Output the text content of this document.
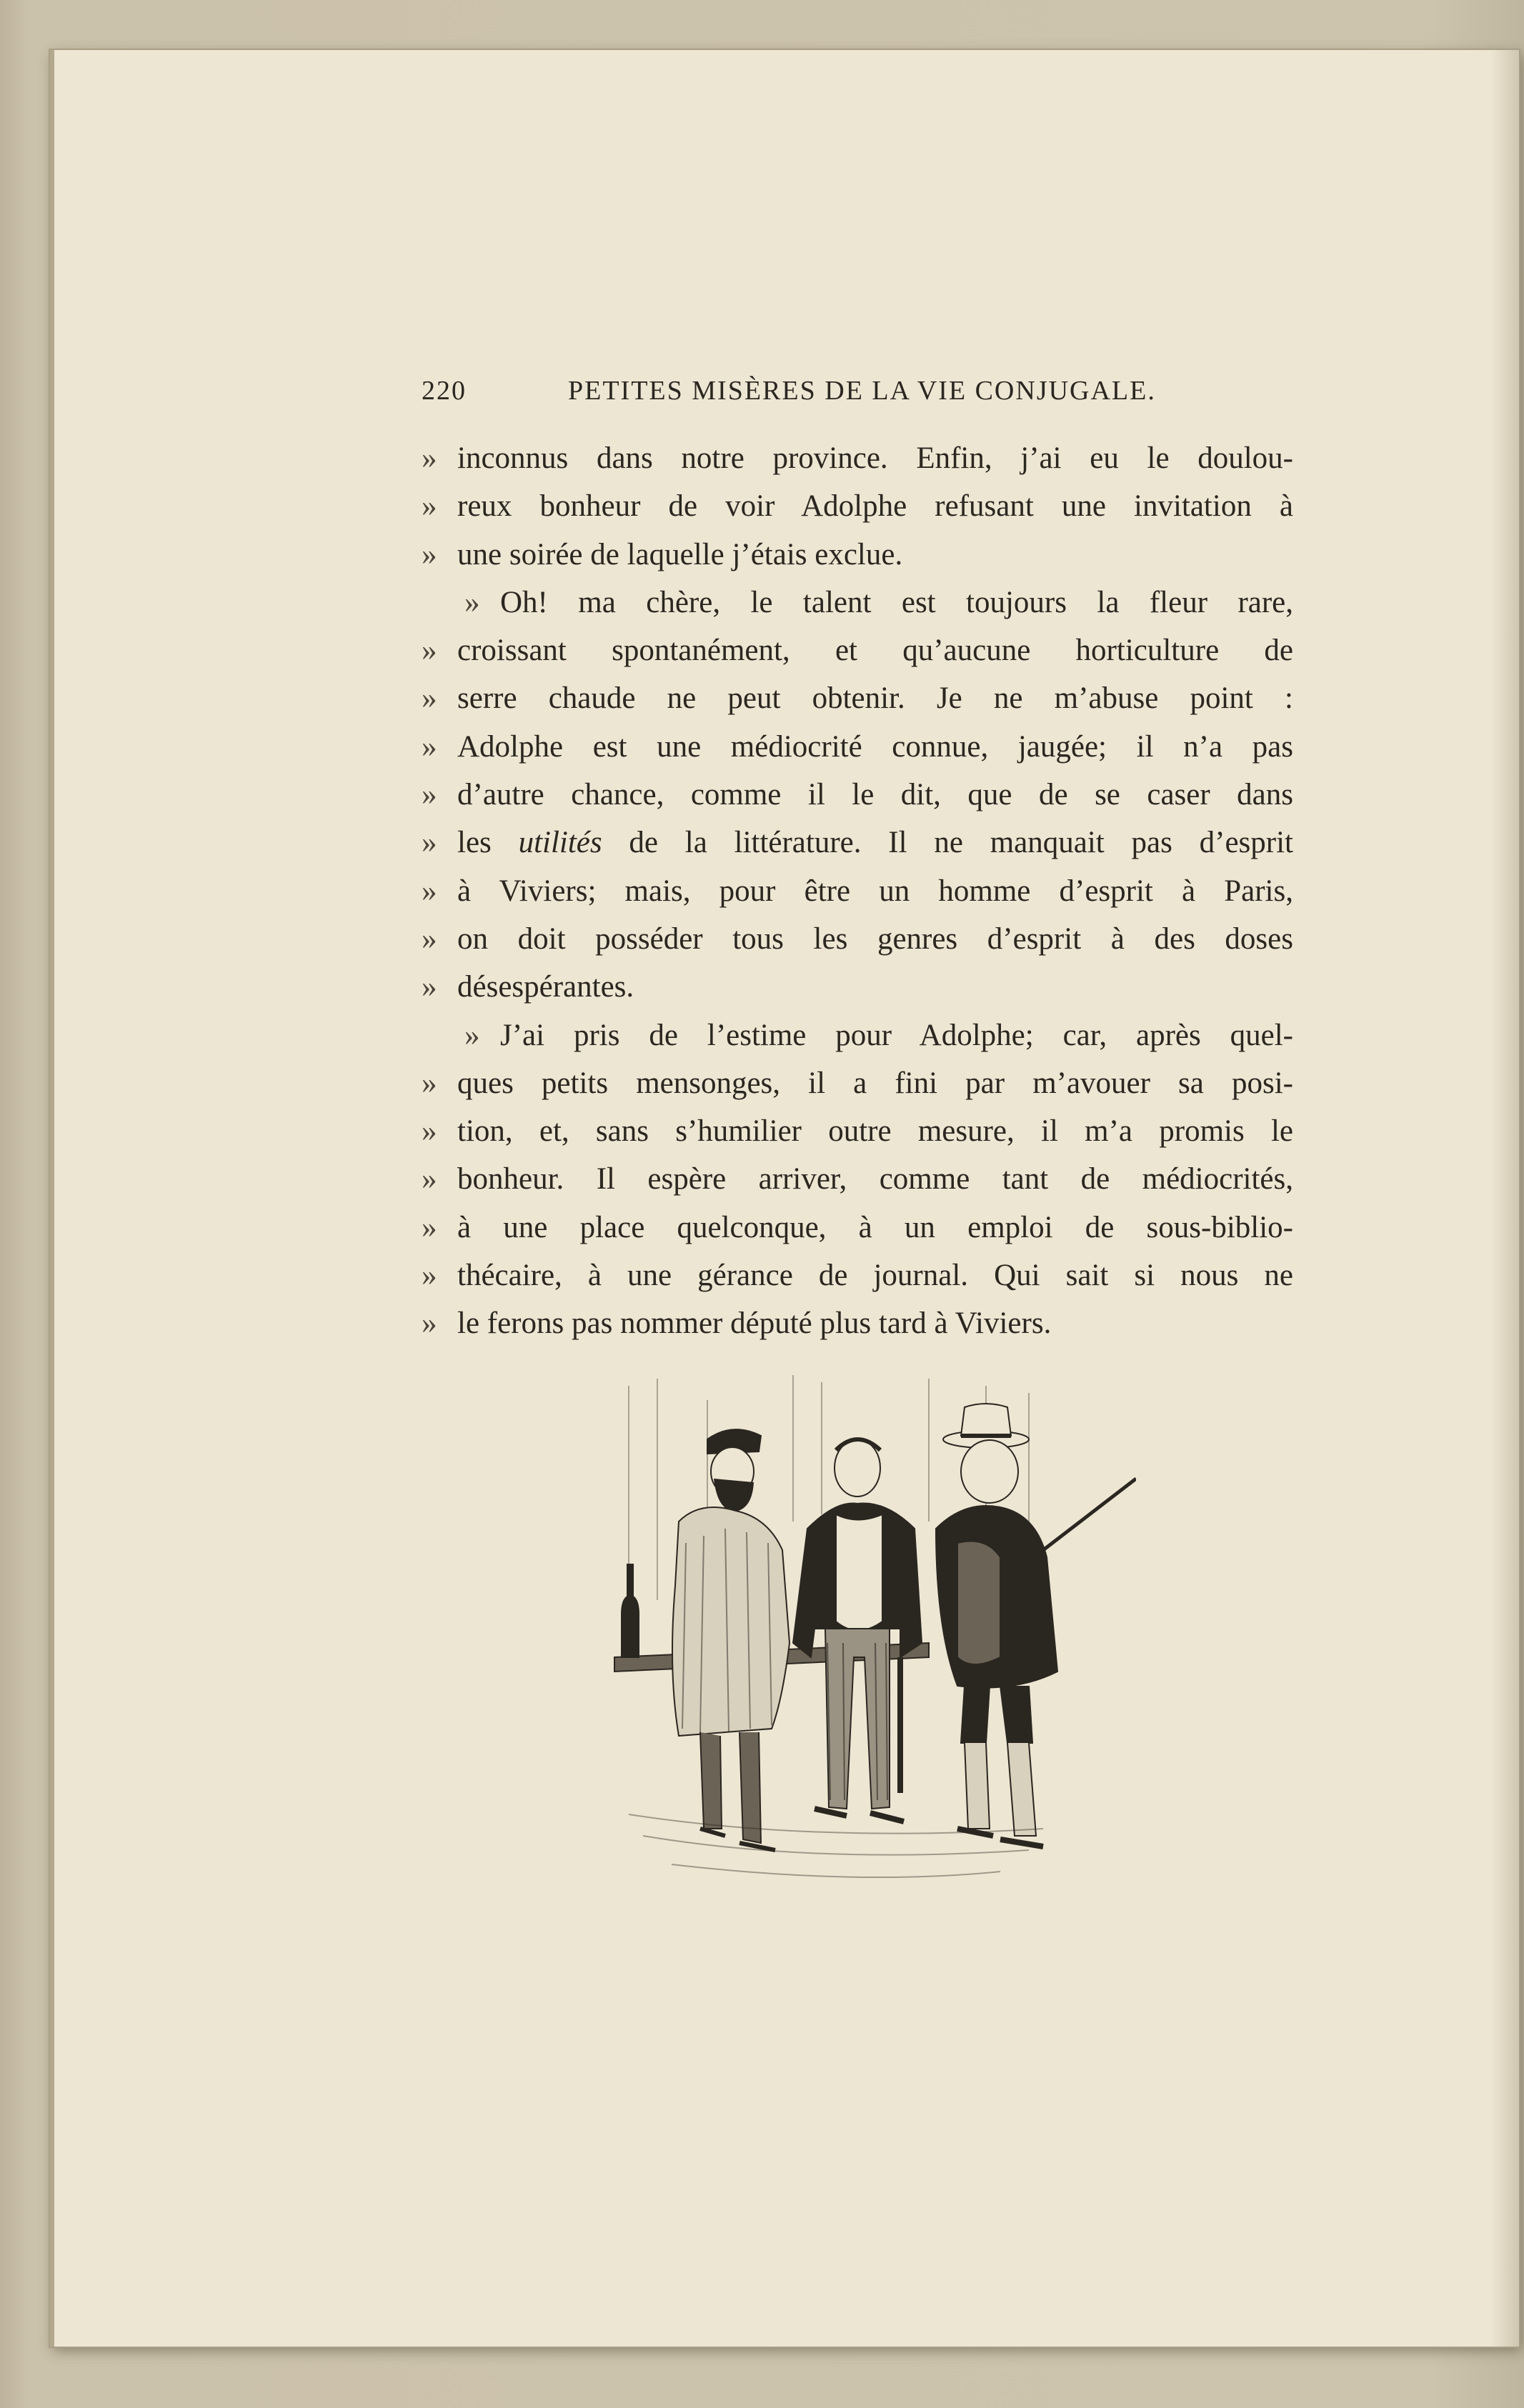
220	PETITES MISÈRES DE LA VIE CONJUGALE.
» inconnus dans notre province. Enfin, j’ai eu le doulou-
» reux bonheur de voir Adolphe refusant une invitation à
» une soirée de laquelle j’étais exclue.
» Oh! ma chère, le talent est toujours la fleur rare,
» croissant spontanément, et qu’aucune horticulture de
» serre chaude ne peut obtenir. Je ne m’abuse point :
» Adolphe est une médiocrité connue, jaugée; il n’a pas
» d’autre chance, comme il le dit, que de se caser dans
» les utilités de la littérature. Il ne manquait pas d’esprit
» à Viviers; mais, pour être un homme d’esprit à Paris,
» on doit posséder tous les genres d’esprit à des doses
» désespérantes.
» J’ai pris de l’estime pour Adolphe; car, après quel-
» ques petits mensonges, il a fini par m’avouer sa posi-
» tion, et, sans s’humilier outre mesure, il m’a promis le
» bonheur. Il espère arriver, comme tant de médiocrités,
» à une place quelconque, à un emploi de sous-biblio-
» thécaire, à une gérance de journal. Qui sait si nous ne
» le ferons pas nommer député plus tard à Viviers.
